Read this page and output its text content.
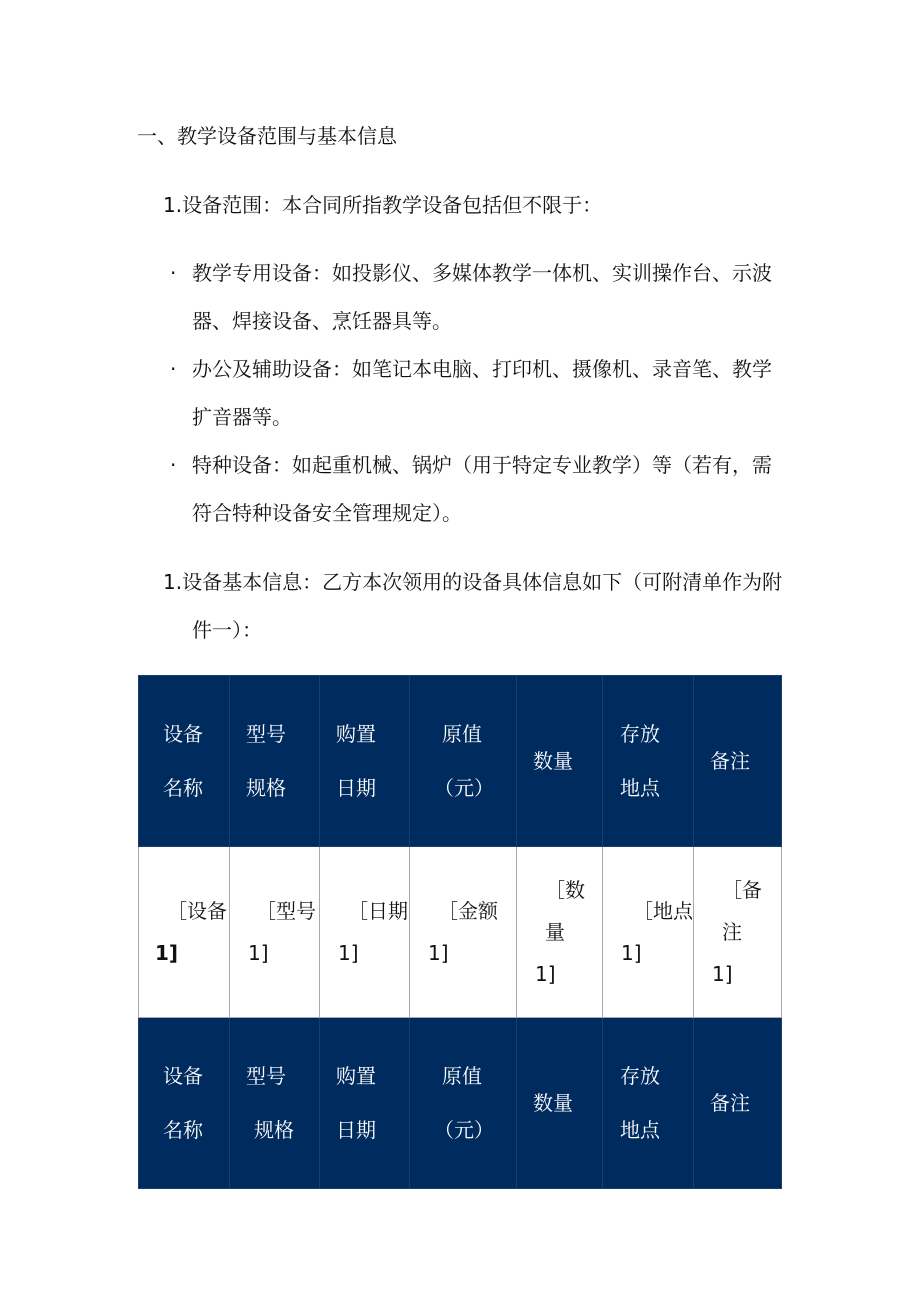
一、教学设备范围与基本信息

1.设备范围：本合同所指教学设备包括但不限于：

· 教学专用设备：如投影仪、多媒体教学一体机、实训操作台、示波

器、焊接设备、烹饪器具等。

· 办公及辅助设备：如笔记本电脑、打印机、摄像机、录音笔、教学

扩音器等。

· 特种设备：如起重机械、锅炉（用于特定专业教学）等（若有，需

符合特种设备安全管理规定）。

1.设备基本信息：乙方本次领用的设备具体信息如下（可附清单作为附

件一）：

设备
名称	型号
规格	购置
日期	原值
（元）	数量	存放
地点	备注

［设备
1]	［型号
1]	［日期
1]	［金额
1]	［数量
1]	［地点
1]	［备注
1]

设备
名称	型号
规格	购置
日期	原值
（元）	数量	存放
地点	备注
